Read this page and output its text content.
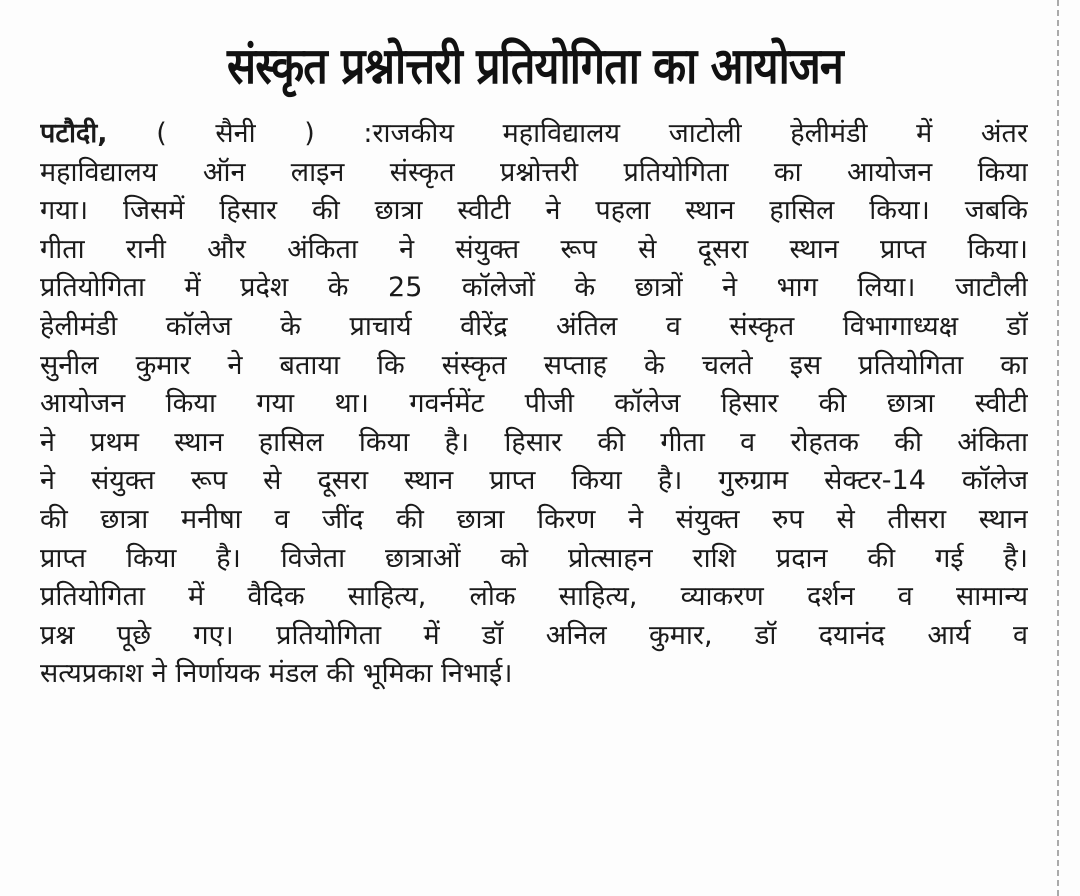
संस्कृत प्रश्नोत्तरी प्रतियोगिता का आयोजन
पटौदी, ( सैनी ) :राजकीय महाविद्यालय जाटोली हेलीमंडी में अंतर
महाविद्यालय ऑन लाइन संस्कृत प्रश्नोत्तरी प्रतियोगिता का आयोजन किया
गया। जिसमें हिसार की छात्रा स्वीटी ने पहला स्थान हासिल किया। जबकि
गीता रानी और अंकिता ने संयुक्त रूप से दूसरा स्थान प्राप्त किया।
प्रतियोगिता में प्रदेश के 25 कॉलेजों के छात्रों ने भाग लिया। जाटौली
हेलीमंडी कॉलेज के प्राचार्य वीरेंद्र अंतिल व संस्कृत विभागाध्यक्ष डॉ
सुनील कुमार ने बताया कि संस्कृत सप्ताह के चलते इस प्रतियोगिता का
आयोजन किया गया था। गवर्नमेंट पीजी कॉलेज हिसार की छात्रा स्वीटी
ने प्रथम स्थान हासिल किया है। हिसार की गीता व रोहतक की अंकिता
ने संयुक्त रूप से दूसरा स्थान प्राप्त किया है। गुरुग्राम सेक्टर-14 कॉलेज
की छात्रा मनीषा व जींद की छात्रा किरण ने संयुक्त रुप से तीसरा स्थान
प्राप्त किया है। विजेता छात्राओं को प्रोत्साहन राशि प्रदान की गई है।
प्रतियोगिता में वैदिक साहित्य, लोक साहित्य, व्याकरण दर्शन व सामान्य
प्रश्न पूछे गए। प्रतियोगिता में डॉ अनिल कुमार, डॉ दयानंद आर्य व
सत्यप्रकाश ने निर्णायक मंडल की भूमिका निभाई।
